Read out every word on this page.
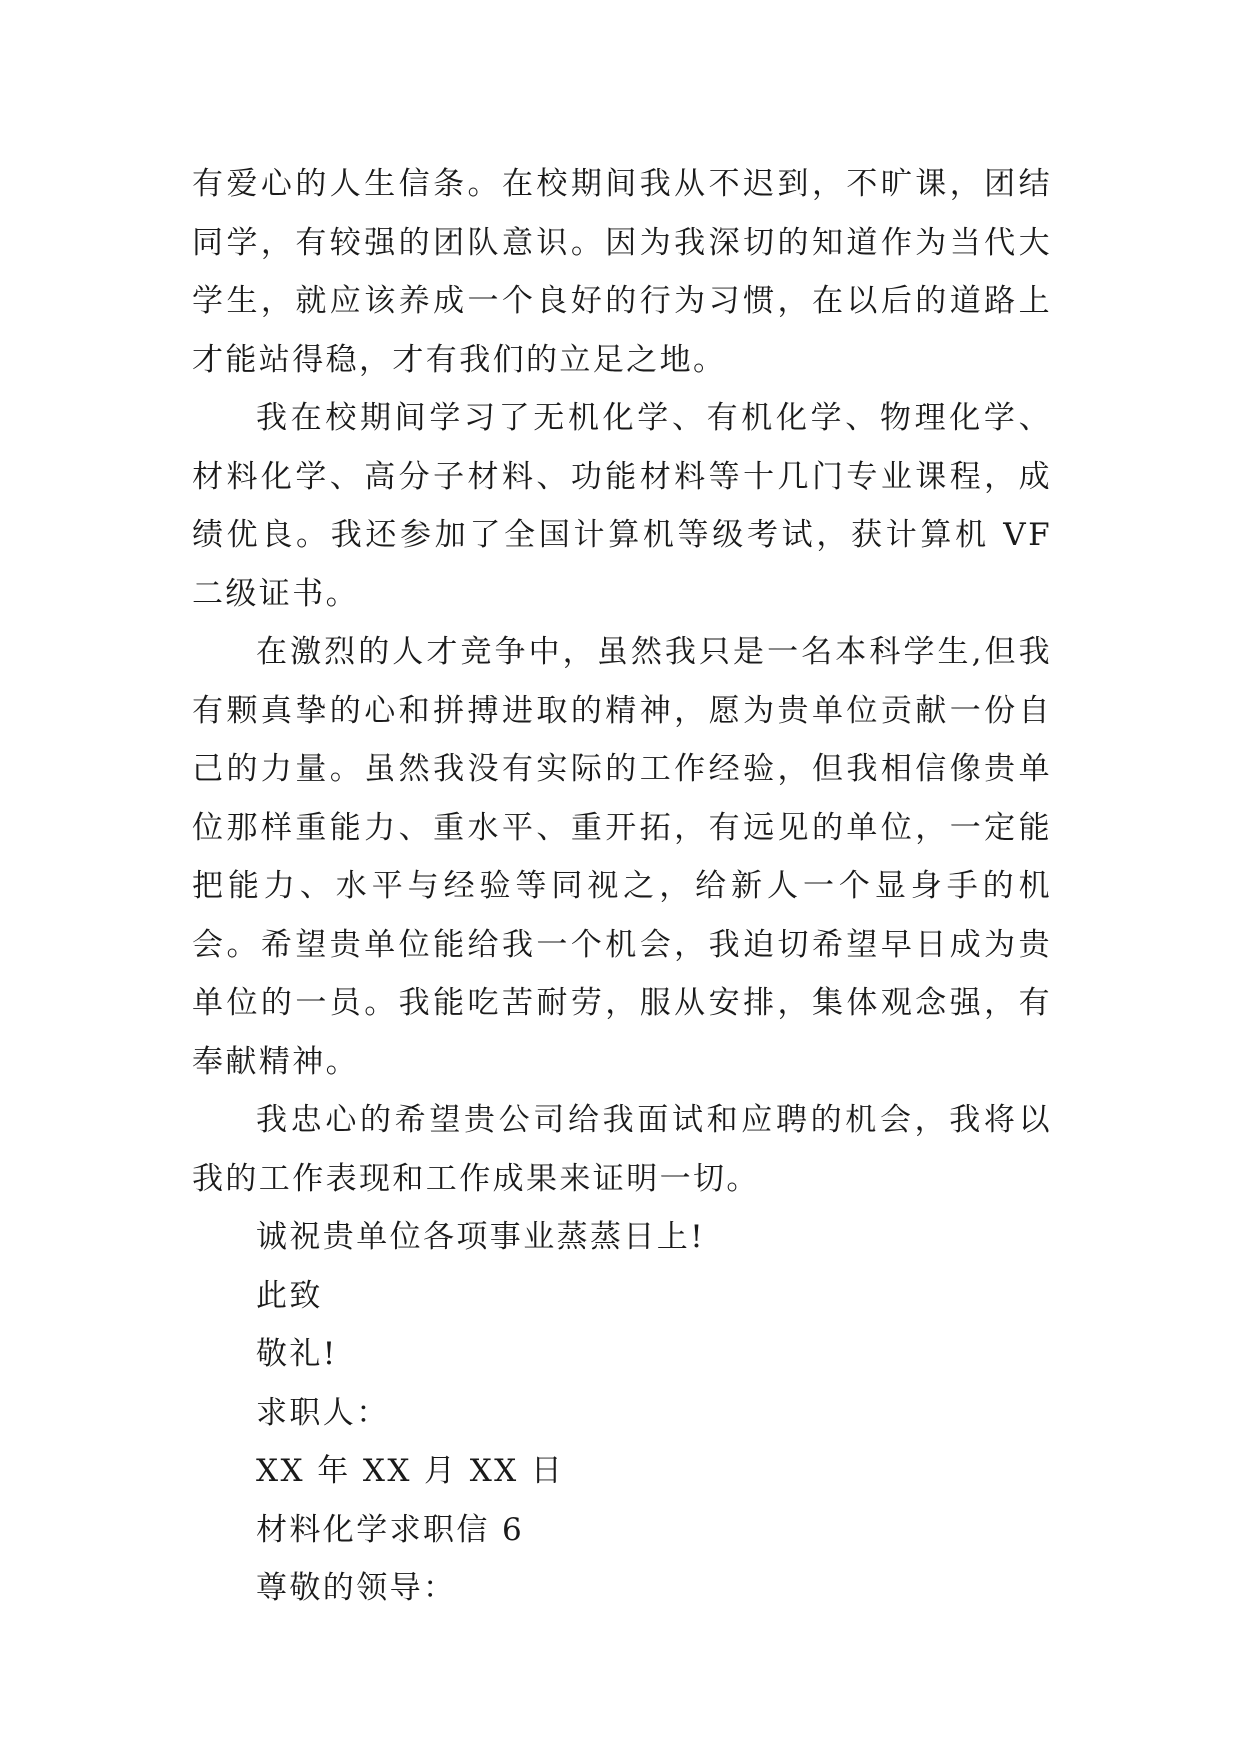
有爱心的人生信条。在校期间我从不迟到，不旷课，团结同学，有较强的团队意识。因为我深切的知道作为当代大学生，就应该养成一个良好的行为习惯，在以后的道路上才能站得稳，才有我们的立足之地。

我在校期间学习了无机化学、有机化学、物理化学、材料化学、高分子材料、功能材料等十几门专业课程，成绩优良。我还参加了全国计算机等级考试，获计算机 VF 二级证书。

在激烈的人才竞争中，虽然我只是一名本科学生,但我有颗真挚的心和拼搏进取的精神，愿为贵单位贡献一份自己的力量。虽然我没有实际的工作经验，但我相信像贵单位那样重能力、重水平、重开拓，有远见的单位，一定能把能力、水平与经验等同视之，给新人一个显身手的机会。希望贵单位能给我一个机会，我迫切希望早日成为贵单位的一员。我能吃苦耐劳，服从安排，集体观念强，有奉献精神。

我忠心的希望贵公司给我面试和应聘的机会，我将以我的工作表现和工作成果来证明一切。

诚祝贵单位各项事业蒸蒸日上!

此致

敬礼!

求职人：

XX 年 XX 月 XX 日

材料化学求职信 6

尊敬的领导：
